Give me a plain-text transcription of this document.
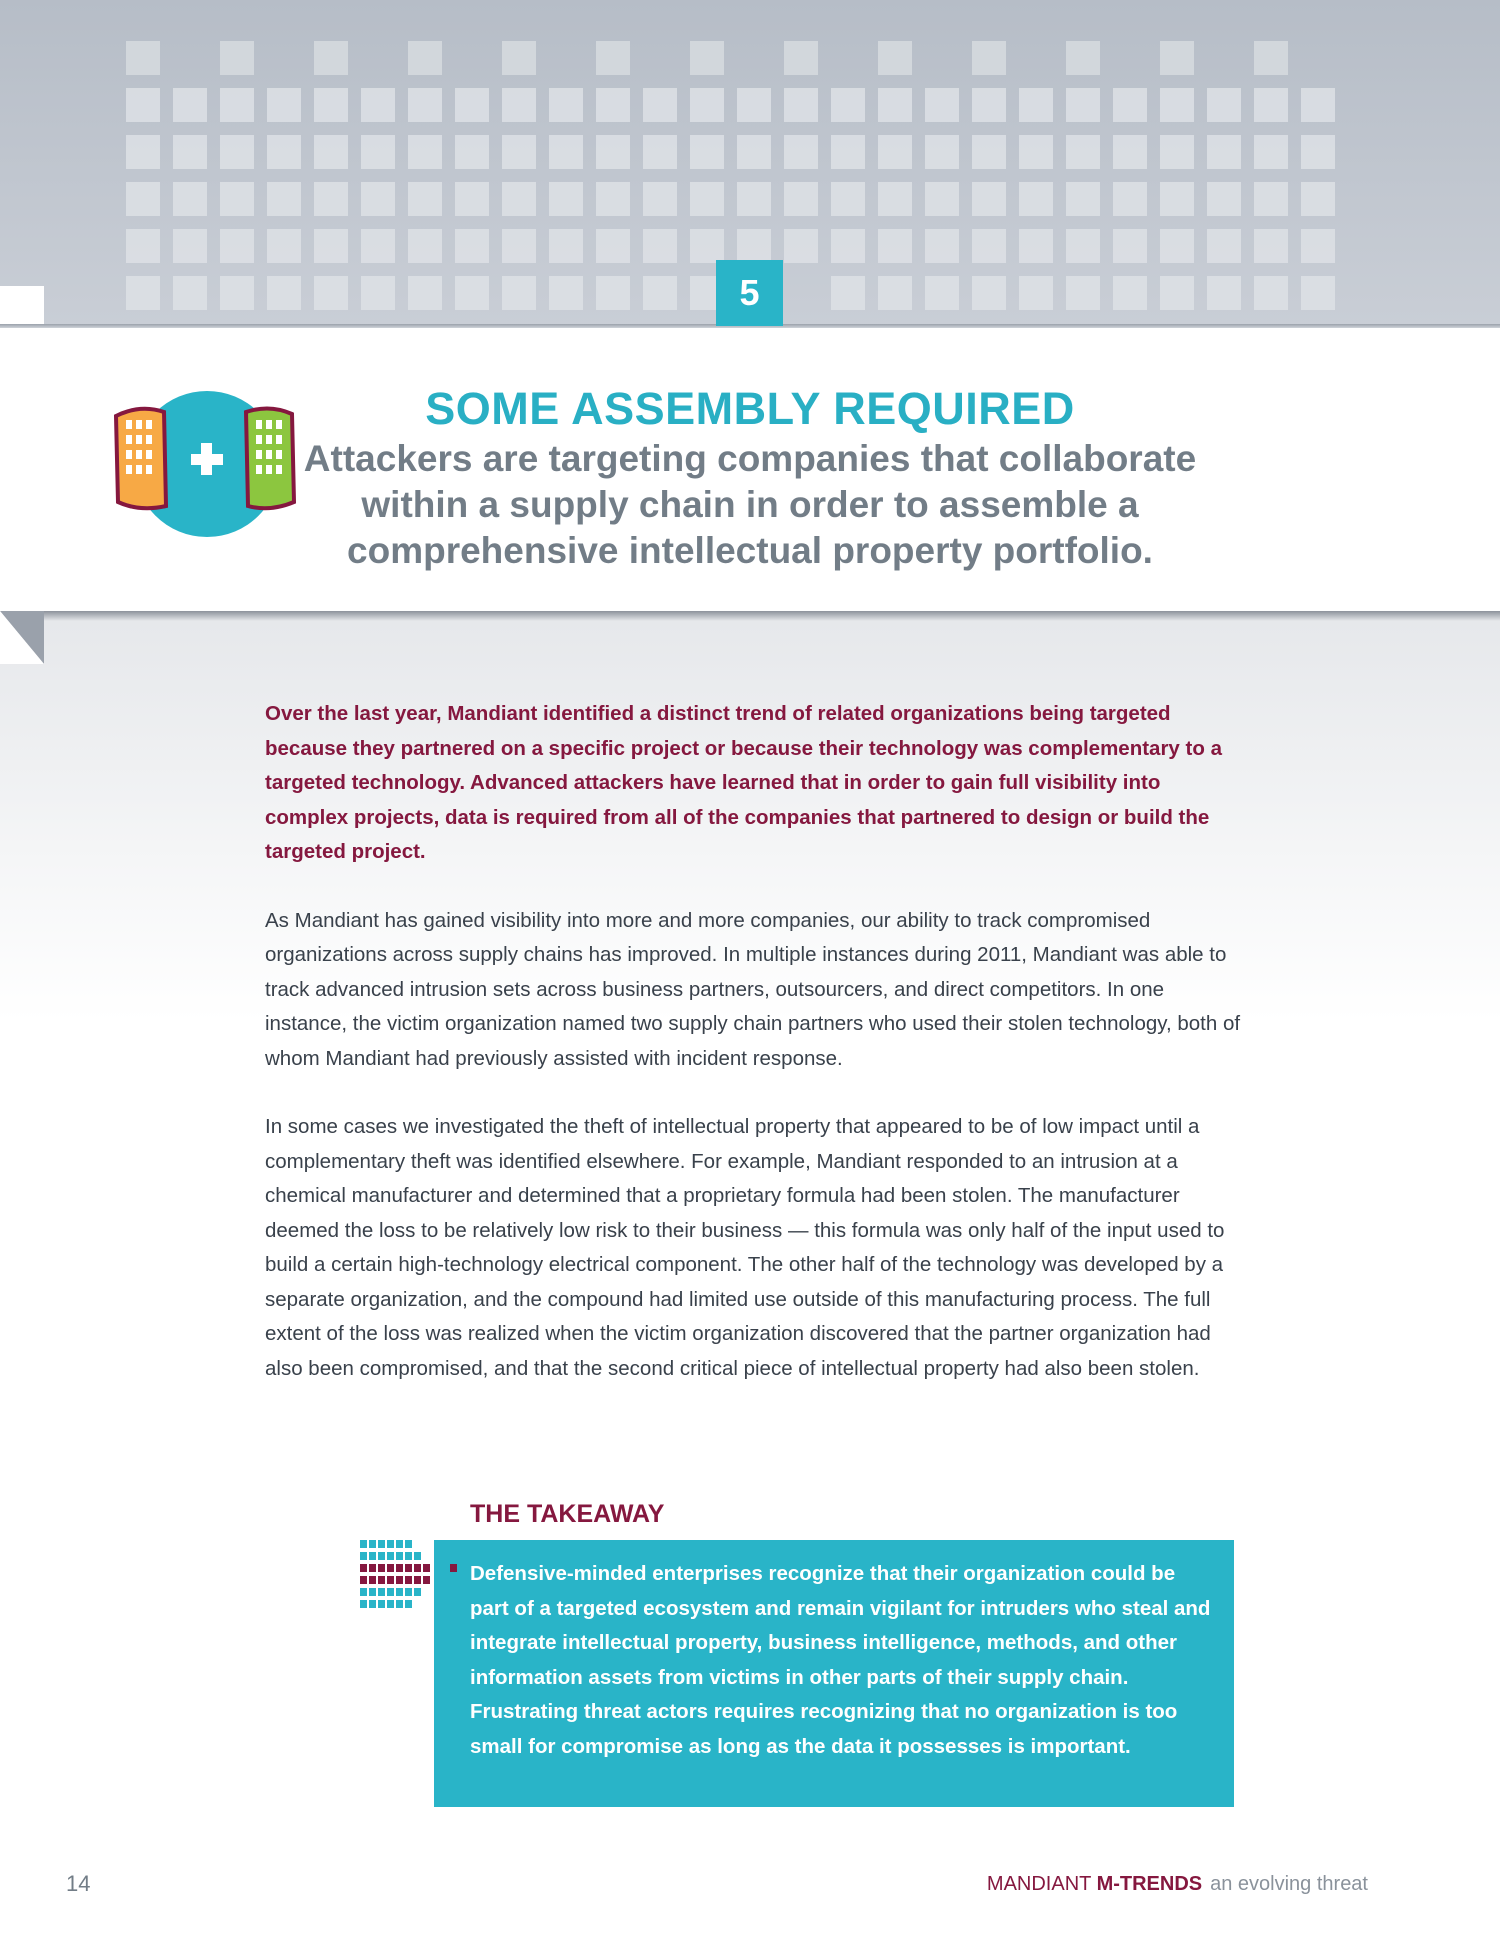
5
SOME ASSEMBLY REQUIRED

Attackers are targeting companies that collaborate within a supply chain in order to assemble a comprehensive intellectual property portfolio.

Over the last year, Mandiant identified a distinct trend of related organizations being targeted because they partnered on a specific project or because their technology was complementary to a targeted technology. Advanced attackers have learned that in order to gain full visibility into complex projects, data is required from all of the companies that partnered to design or build the targeted project.

As Mandiant has gained visibility into more and more companies, our ability to track compromised organizations across supply chains has improved. In multiple instances during 2011, Mandiant was able to track advanced intrusion sets across business partners, outsourcers, and direct competitors. In one instance, the victim organization named two supply chain partners who used their stolen technology, both of whom Mandiant had previously assisted with incident response.

In some cases we investigated the theft of intellectual property that appeared to be of low impact until a complementary theft was identified elsewhere. For example, Mandiant responded to an intrusion at a chemical manufacturer and determined that a proprietary formula had been stolen. The manufacturer deemed the loss to be relatively low risk to their business — this formula was only half of the input used to build a certain high-technology electrical component. The other half of the technology was developed by a separate organization, and the compound had limited use outside of this manufacturing process. The full extent of the loss was realized when the victim organization discovered that the partner organization had also been compromised, and that the second critical piece of intellectual property had also been stolen.

THE TAKEAWAY

Defensive-minded enterprises recognize that their organization could be part of a targeted ecosystem and remain vigilant for intruders who steal and integrate intellectual property, business intelligence, methods, and other information assets from victims in other parts of their supply chain. Frustrating threat actors requires recognizing that no organization is too small for compromise as long as the data it possesses is important.

14	MANDIANT M-TRENDS an evolving threat
